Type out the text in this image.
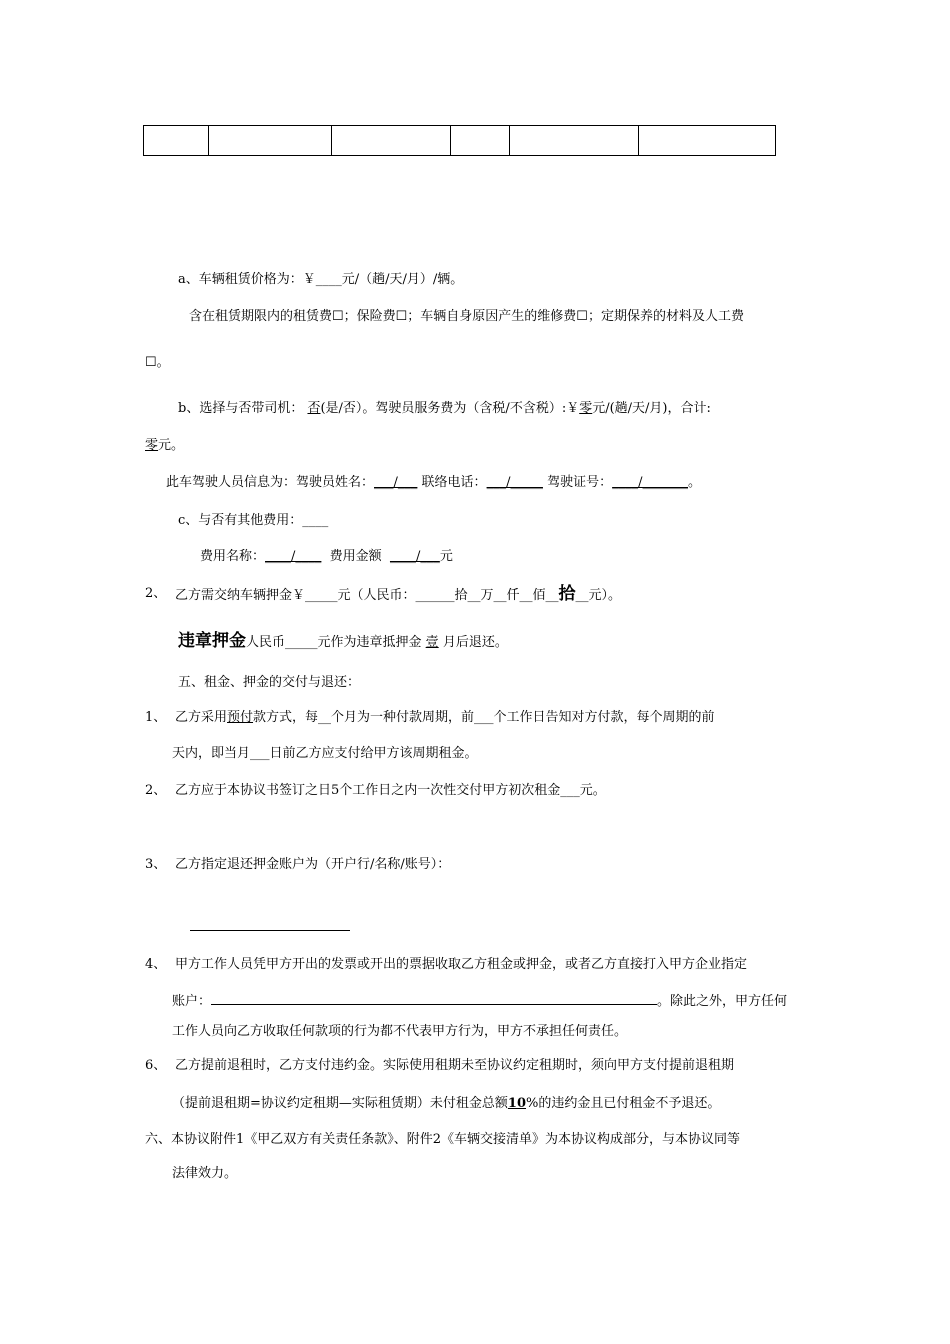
a、车辆租赁价格为：￥____元/（趟/天/月）/辆。
含在租赁期限内的租赁费☐；保险费☐；车辆自身原因产生的维修费☐；定期保养的材料及人工费
☐。
b、选择与否带司机： 否(是/否）。驾驶员服务费为（含税/不含税）:￥零元/(趟/天/月)，合计:
零元。
此车驾驶人员信息为：驾驶员姓名：___/___ 联络电话：___/_____ 驾驶证号：____/_______。
c、与否有其他费用：____
费用名称：____/____ 费用金额 ____/___元
2、 乙方需交纳车辆押金￥_____元（人民币：______拾__万__仟__佰__拾__元）。
违章押金人民币_____元作为违章抵押金 壹 月后退还。
五、租金、押金的交付与退还：
1、 乙方采用预付款方式，每__个月为一种付款周期，前___个工作日告知对方付款，每个周期的前
天内，即当月___日前乙方应支付给甲方该周期租金。
2、 乙方应于本协议书签订之日5个工作日之内一次性交付甲方初次租金___元。
3、 乙方指定退还押金账户为（开户行/名称/账号）：
4、 甲方工作人员凭甲方开出的发票或开出的票据收取乙方租金或押金，或者乙方直接打入甲方企业指定
账户：	。除此之外，甲方任何
工作人员向乙方收取任何款项的行为都不代表甲方行为，甲方不承担任何责任。
6、 乙方提前退租时，乙方支付违约金。实际使用租期未至协议约定租期时，须向甲方支付提前退租期
（提前退租期=协议约定租期—实际租赁期）未付租金总额10%的违约金且已付租金不予退还。
六、本协议附件1《甲乙双方有关责任条款》、附件2《车辆交接清单》为本协议构成部分，与本协议同等
法律效力。
